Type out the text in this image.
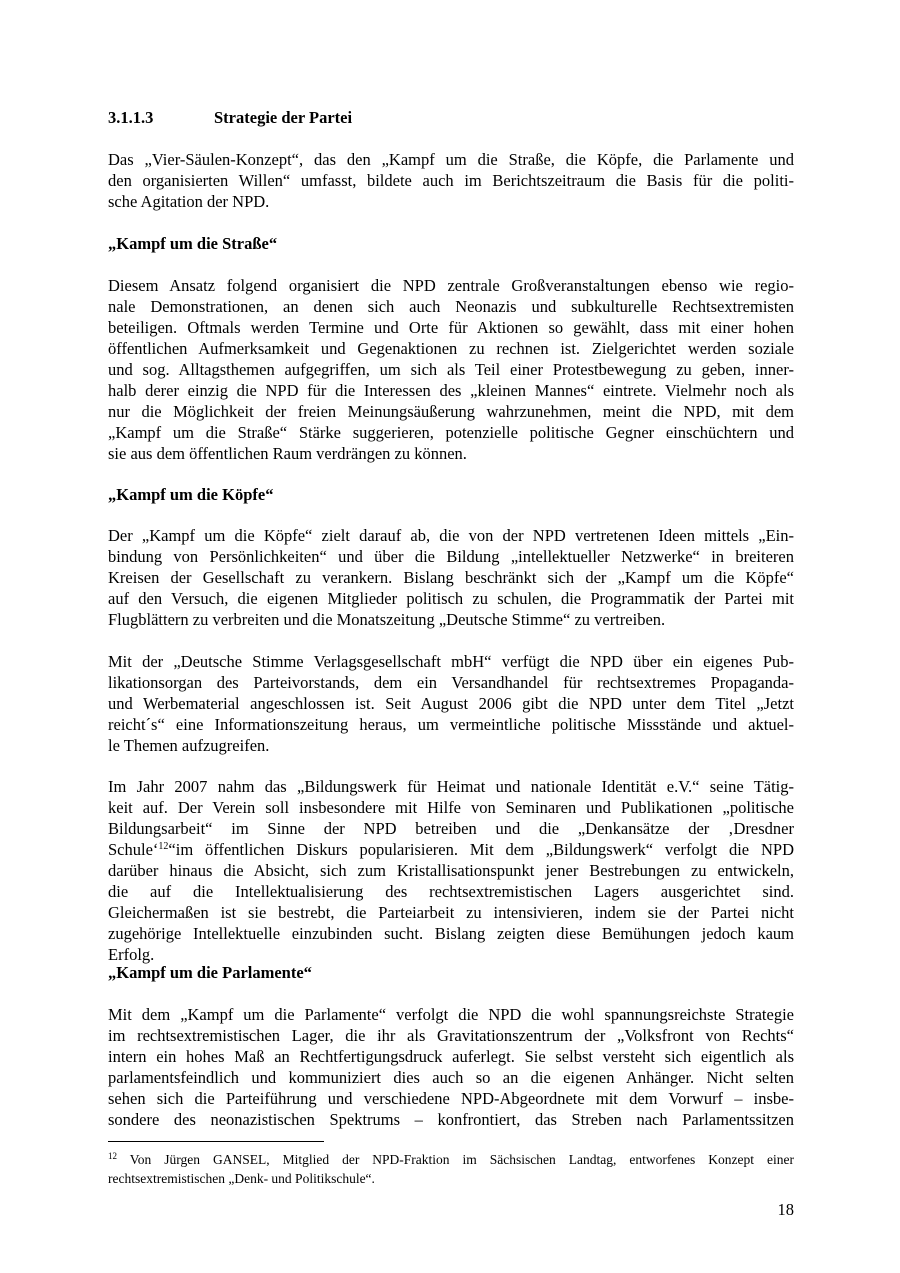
3.1.1.3	Strategie der Partei
Das „Vier-Säulen-Konzept“, das den „Kampf um die Straße, die Köpfe, die Parlamente und
den organisierten Willen“ umfasst, bildete auch im Berichtszeitraum die Basis für die politi-
sche Agitation der NPD.
„Kampf um die Straße“
Diesem Ansatz folgend organisiert die NPD zentrale Großveranstaltungen ebenso wie regio-
nale Demonstrationen, an denen sich auch Neonazis und subkulturelle Rechtsextremisten
beteiligen. Oftmals werden Termine und Orte für Aktionen so gewählt, dass mit einer hohen
öffentlichen Aufmerksamkeit und Gegenaktionen zu rechnen ist. Zielgerichtet werden soziale
und sog. Alltagsthemen aufgegriffen, um sich als Teil einer Protestbewegung zu geben, inner-
halb derer einzig die NPD für die Interessen des „kleinen Mannes“ eintrete. Vielmehr noch als
nur die Möglichkeit der freien Meinungsäußerung wahrzunehmen, meint die NPD, mit dem
„Kampf um die Straße“ Stärke suggerieren, potenzielle politische Gegner einschüchtern und
sie aus dem öffentlichen Raum verdrängen zu können.
„Kampf um die Köpfe“
Der „Kampf um die Köpfe“ zielt darauf ab, die von der NPD vertretenen Ideen mittels „Ein-
bindung von Persönlichkeiten“ und über die Bildung „intellektueller Netzwerke“ in breiteren
Kreisen der Gesellschaft zu verankern. Bislang beschränkt sich der „Kampf um die Köpfe“
auf den Versuch, die eigenen Mitglieder politisch zu schulen, die Programmatik der Partei mit
Flugblättern zu verbreiten und die Monatszeitung „Deutsche Stimme“ zu vertreiben.
Mit der „Deutsche Stimme Verlagsgesellschaft mbH“ verfügt die NPD über ein eigenes Pub-
likationsorgan des Parteivorstands, dem ein Versandhandel für rechtsextremes Propaganda-
und Werbematerial angeschlossen ist. Seit August 2006 gibt die NPD unter dem Titel „Jetzt
reicht´s“ eine Informationszeitung heraus, um vermeintliche politische Missstände und aktuel-
le Themen aufzugreifen.
Im Jahr 2007 nahm das „Bildungswerk für Heimat und nationale Identität e.V.“ seine Tätig-
keit auf. Der Verein soll insbesondere mit Hilfe von Seminaren und Publikationen „politische
Bildungsarbeit“ im Sinne der NPD betreiben und die „Denkansätze der ‚Dresdner
Schule‘$^{12}$“im öffentlichen Diskurs popularisieren. Mit dem „Bildungswerk“ verfolgt die NPD
darüber hinaus die Absicht, sich zum Kristallisationspunkt jener Bestrebungen zu entwickeln,
die auf die Intellektualisierung des rechtsextremistischen Lagers ausgerichtet sind.
Gleichermaßen ist sie bestrebt, die Parteiarbeit zu intensivieren, indem sie der Partei nicht
zugehörige Intellektuelle einzubinden sucht. Bislang zeigten diese Bemühungen jedoch kaum
Erfolg.
„Kampf um die Parlamente“
Mit dem „Kampf um die Parlamente“ verfolgt die NPD die wohl spannungsreichste Strategie
im rechtsextremistischen Lager, die ihr als Gravitationszentrum der „Volksfront von Rechts“
intern ein hohes Maß an Rechtfertigungsdruck auferlegt. Sie selbst versteht sich eigentlich als
parlamentsfeindlich und kommuniziert dies auch so an die eigenen Anhänger. Nicht selten
sehen sich die Parteiführung und verschiedene NPD-Abgeordnete mit dem Vorwurf – insbe-
sondere des neonazistischen Spektrums – konfrontiert, das Streben nach Parlamentssitzen
$^{12}$ Von Jürgen GANSEL, Mitglied der NPD-Fraktion im Sächsischen Landtag, entworfenes Konzept einer
rechtsextremistischen „Denk- und Politikschule“.
18
